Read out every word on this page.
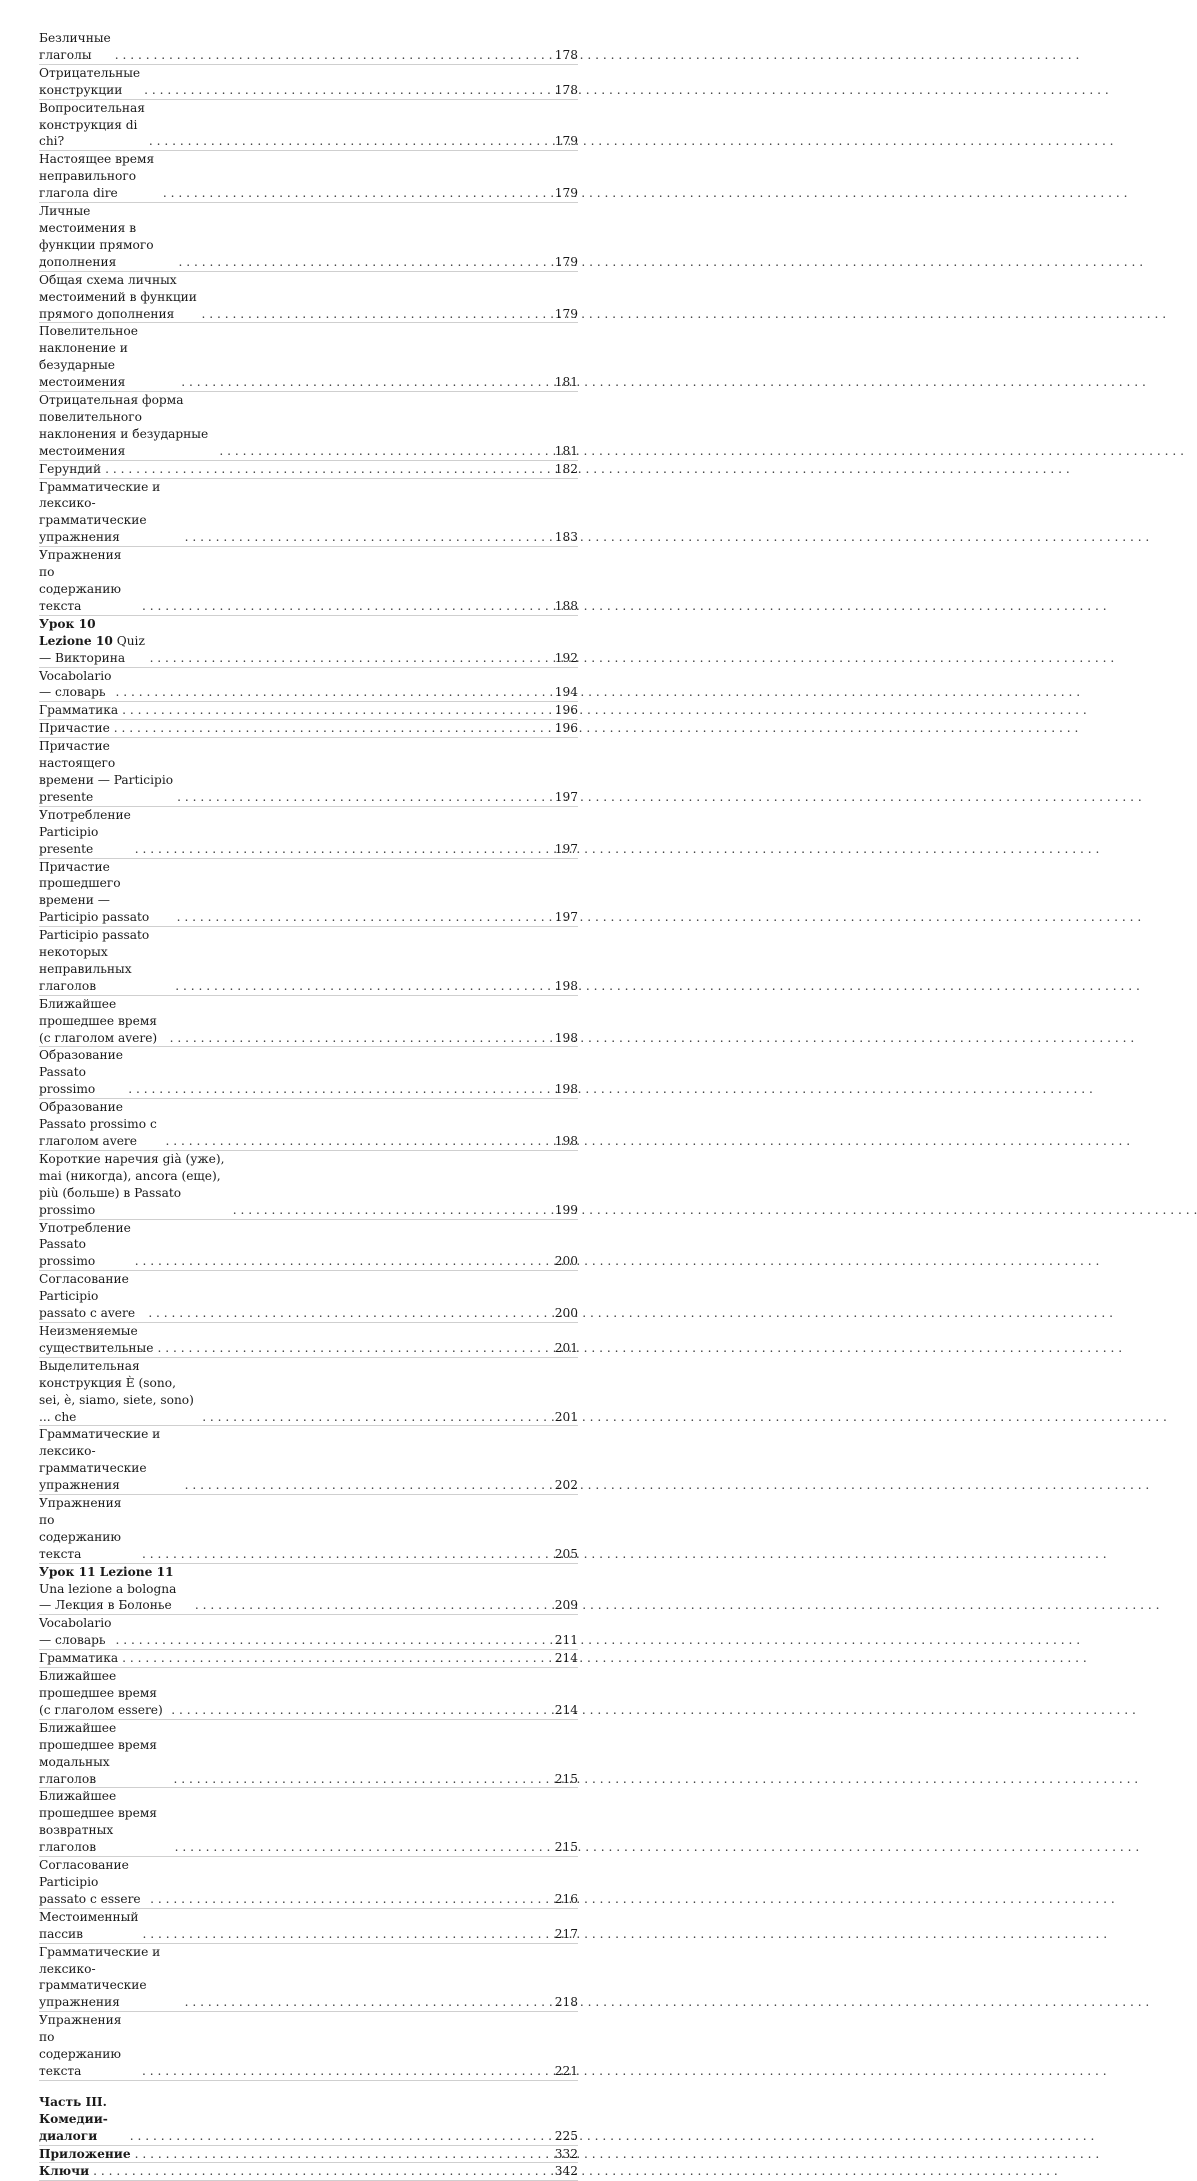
Безличные глаголы . . .	178
Отрицательные конструкции . . .	178
Вопросительная конструкция di chi? . . .	179
Настоящее время неправильного глагола dire . . .	179
Личные местоимения в функции прямого дополнения . . .	179
Общая схема личных местоимений в функции прямого дополнения . . .	179
Повелительное наклонение и безударные местоимения . . .	181
Отрицательная форма повелительного наклонения и безударные местоимения . . .	181
Герундий . . .	182
Грамматические и лексико-грамматические упражнения . . .	183
Упражнения по содержанию текста . . .	188
Урок 10 Lezione 10 Quiz — Викторина . . .	192
Vocabolario — словарь . . .	194
Грамматика . . .	196
Причастие . . .	196
Причастие настоящего времени — Participio presente . . .	197
Употребление Participio presente . . .	197
Причастие прошедшего времени — Participio passato . . .	197
Participio passato некоторых неправильных глаголов . . .	198
Ближайшее прошедшее время (с глаголом avere) . . .	198
Образование Passato prossimo . . .	198
Образование Passato prossimo с глаголом avere . . .	198
Короткие наречия già (уже), mai (никогда), ancora (еще), più (больше) в Passato prossimo . . .	199
Употребление Passato prossimo . . .	200
Согласование Participio passato с avere . . .	200
Неизменяемые существительные . . .	201
Выделительная конструкция È (sono, sei, è, siamo, siete, sono) ... che . . .	201
Грамматические и лексико-грамматические упражнения . . .	202
Упражнения по содержанию текста . . .	205
Урок 11 Lezione 11 Una lezione a bologna — Лекция в Болонье . . .	209
Vocabolario — словарь . . .	211
Грамматика . . .	214
Ближайшее прошедшее время (с глаголом essere) . . .	214
Ближайшее прошедшее время модальных глаголов . . .	215
Ближайшее прошедшее время возвратных глаголов . . .	215
Согласование Participio passato с essere . . .	216
Местоименный пассив . . .	217
Грамматические и лексико-грамматические упражнения . . .	218
Упражнения по содержанию текста . . .	221
Часть III. Комедии-диалоги . . .	225
Приложение . . .	332
Ключи . . .	342
